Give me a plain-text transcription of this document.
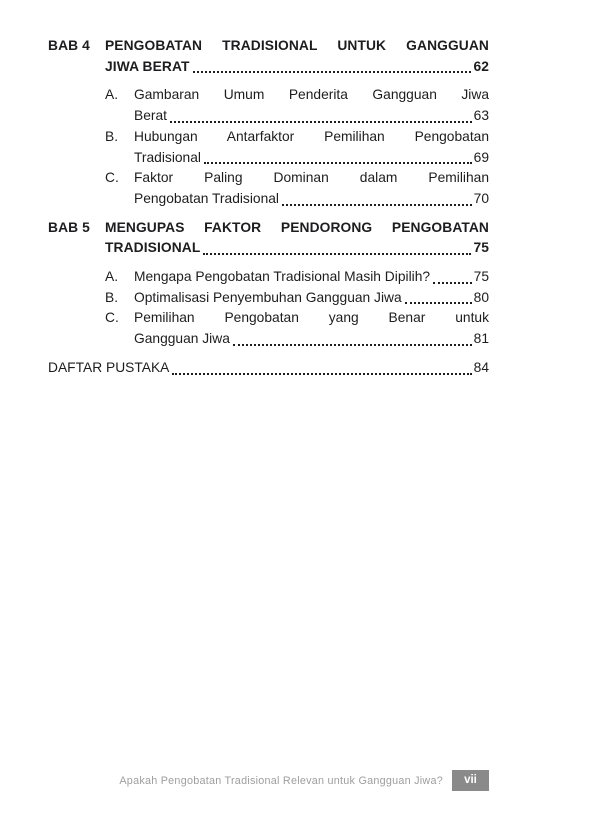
BAB 4	PENGOBATAN TRADISIONAL UNTUK GANGGUAN
JIWA BERAT	62
A.	Gambaran Umum Penderita Gangguan Jiwa
Berat	63
B.	Hubungan Antarfaktor Pemilihan Pengobatan
Tradisional	69
C.	Faktor Paling Dominan dalam Pemilihan
Pengobatan Tradisional	70
BAB 5	MENGUPAS FAKTOR PENDORONG PENGOBATAN
TRADISIONAL	75
A.	Mengapa Pengobatan Tradisional Masih Dipilih?	75
B.	Optimalisasi Penyembuhan Gangguan Jiwa	80
C.	Pemilihan Pengobatan yang Benar untuk
Gangguan Jiwa	81
DAFTAR PUSTAKA	84
Apakah Pengobatan Tradisional Relevan untuk Gangguan Jiwa?	vii
